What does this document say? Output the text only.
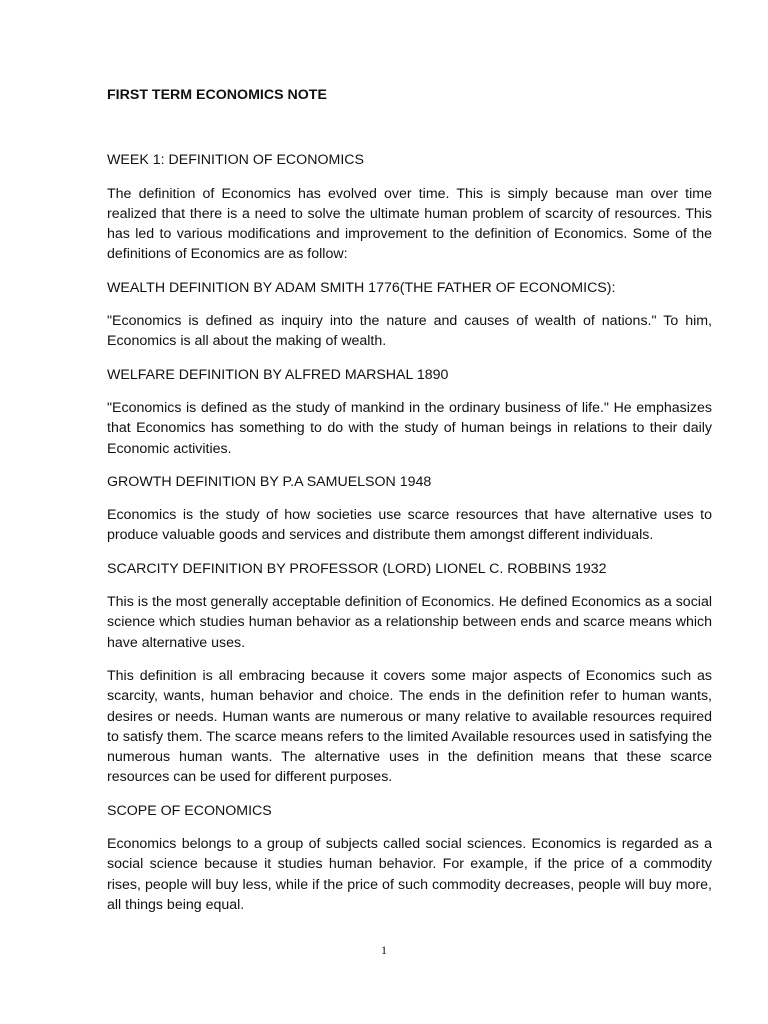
FIRST TERM ECONOMICS NOTE
WEEK 1: DEFINITION OF ECONOMICS
The definition of Economics has evolved over time. This is simply because man over time realized that there is a need to solve the ultimate human problem of scarcity of resources. This has led to various modifications and improvement to the definition of Economics. Some of the definitions of Economics are as follow:
WEALTH DEFINITION BY ADAM SMITH 1776(THE FATHER OF ECONOMICS):
"Economics is defined as inquiry into the nature and causes of wealth of nations." To him, Economics is all about the making of wealth.
WELFARE DEFINITION BY ALFRED MARSHAL 1890
"Economics is defined as the study of mankind in the ordinary business of life." He emphasizes that Economics has something to do with the study of human beings in relations to their daily Economic activities.
GROWTH DEFINITION BY P.A SAMUELSON 1948
Economics is the study of how societies use scarce resources that have alternative uses to produce valuable goods and services and distribute them amongst different individuals.
SCARCITY DEFINITION BY PROFESSOR (LORD) LIONEL C. ROBBINS 1932
This is the most generally acceptable definition of Economics. He defined Economics as a social science which studies human behavior as a relationship between ends and scarce means which have alternative uses.
This definition is all embracing because it covers some major aspects of Economics such as scarcity, wants, human behavior and choice. The ends in the definition refer to human wants, desires or needs. Human wants are numerous or many relative to available resources required to satisfy them. The scarce means refers to the limited Available resources used in satisfying the numerous human wants. The alternative uses in the definition means that these scarce resources can be used for different purposes.
SCOPE OF ECONOMICS
Economics belongs to a group of subjects called social sciences. Economics is regarded as a social science because it studies human behavior. For example, if the price of a commodity rises, people will buy less, while if the price of such commodity decreases, people will buy more, all things being equal.
1
